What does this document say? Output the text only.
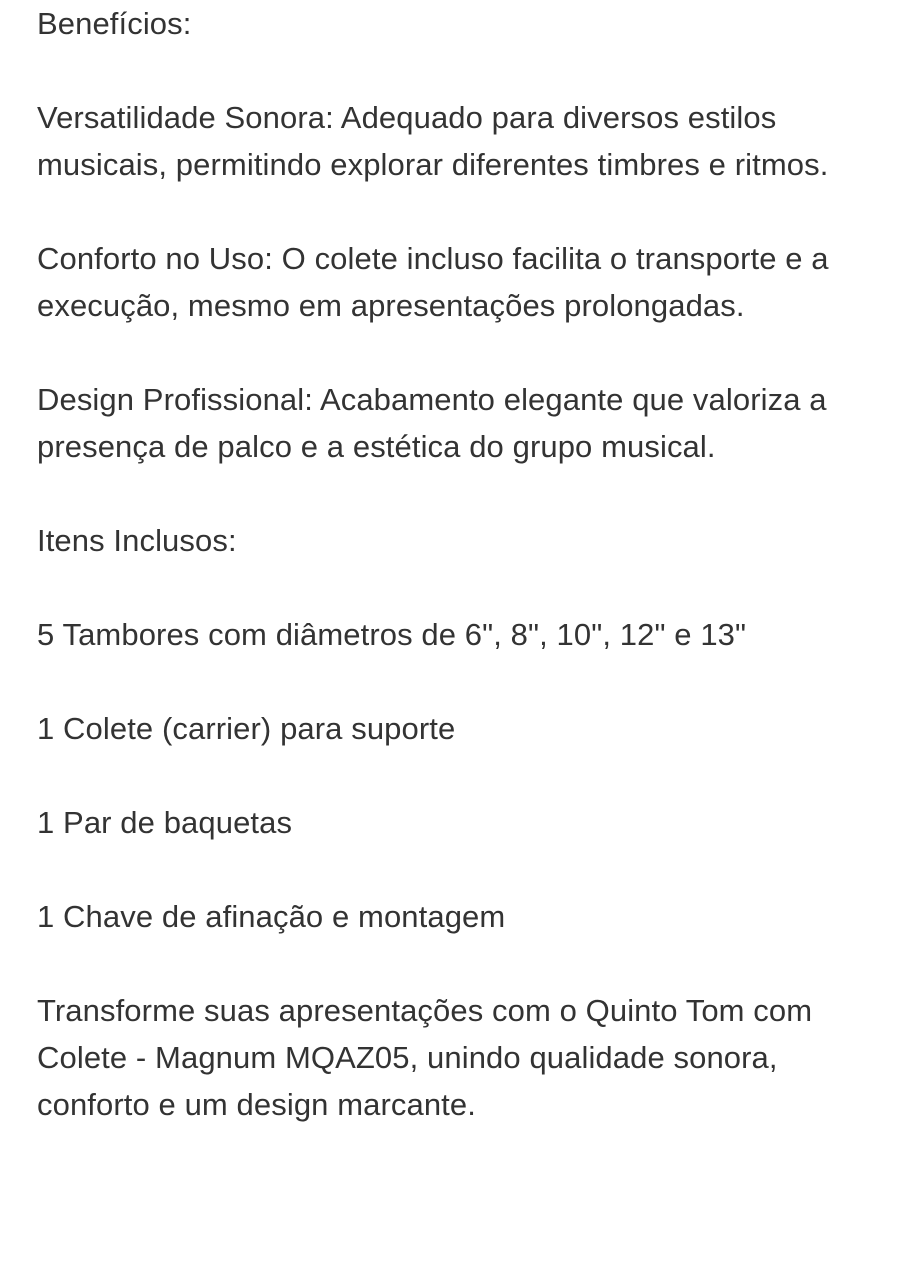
Benefícios:

Versatilidade Sonora: Adequado para diversos estilos musicais, permitindo explorar diferentes timbres e ritmos.

Conforto no Uso: O colete incluso facilita o transporte e a execução, mesmo em apresentações prolongadas.

Design Profissional: Acabamento elegante que valoriza a presença de palco e a estética do grupo musical.

Itens Inclusos:

5 Tambores com diâmetros de 6", 8", 10", 12" e 13"

1 Colete (carrier) para suporte

1 Par de baquetas

1 Chave de afinação e montagem

Transforme suas apresentações com o Quinto Tom com Colete - Magnum MQAZ05, unindo qualidade sonora, conforto e um design marcante.
